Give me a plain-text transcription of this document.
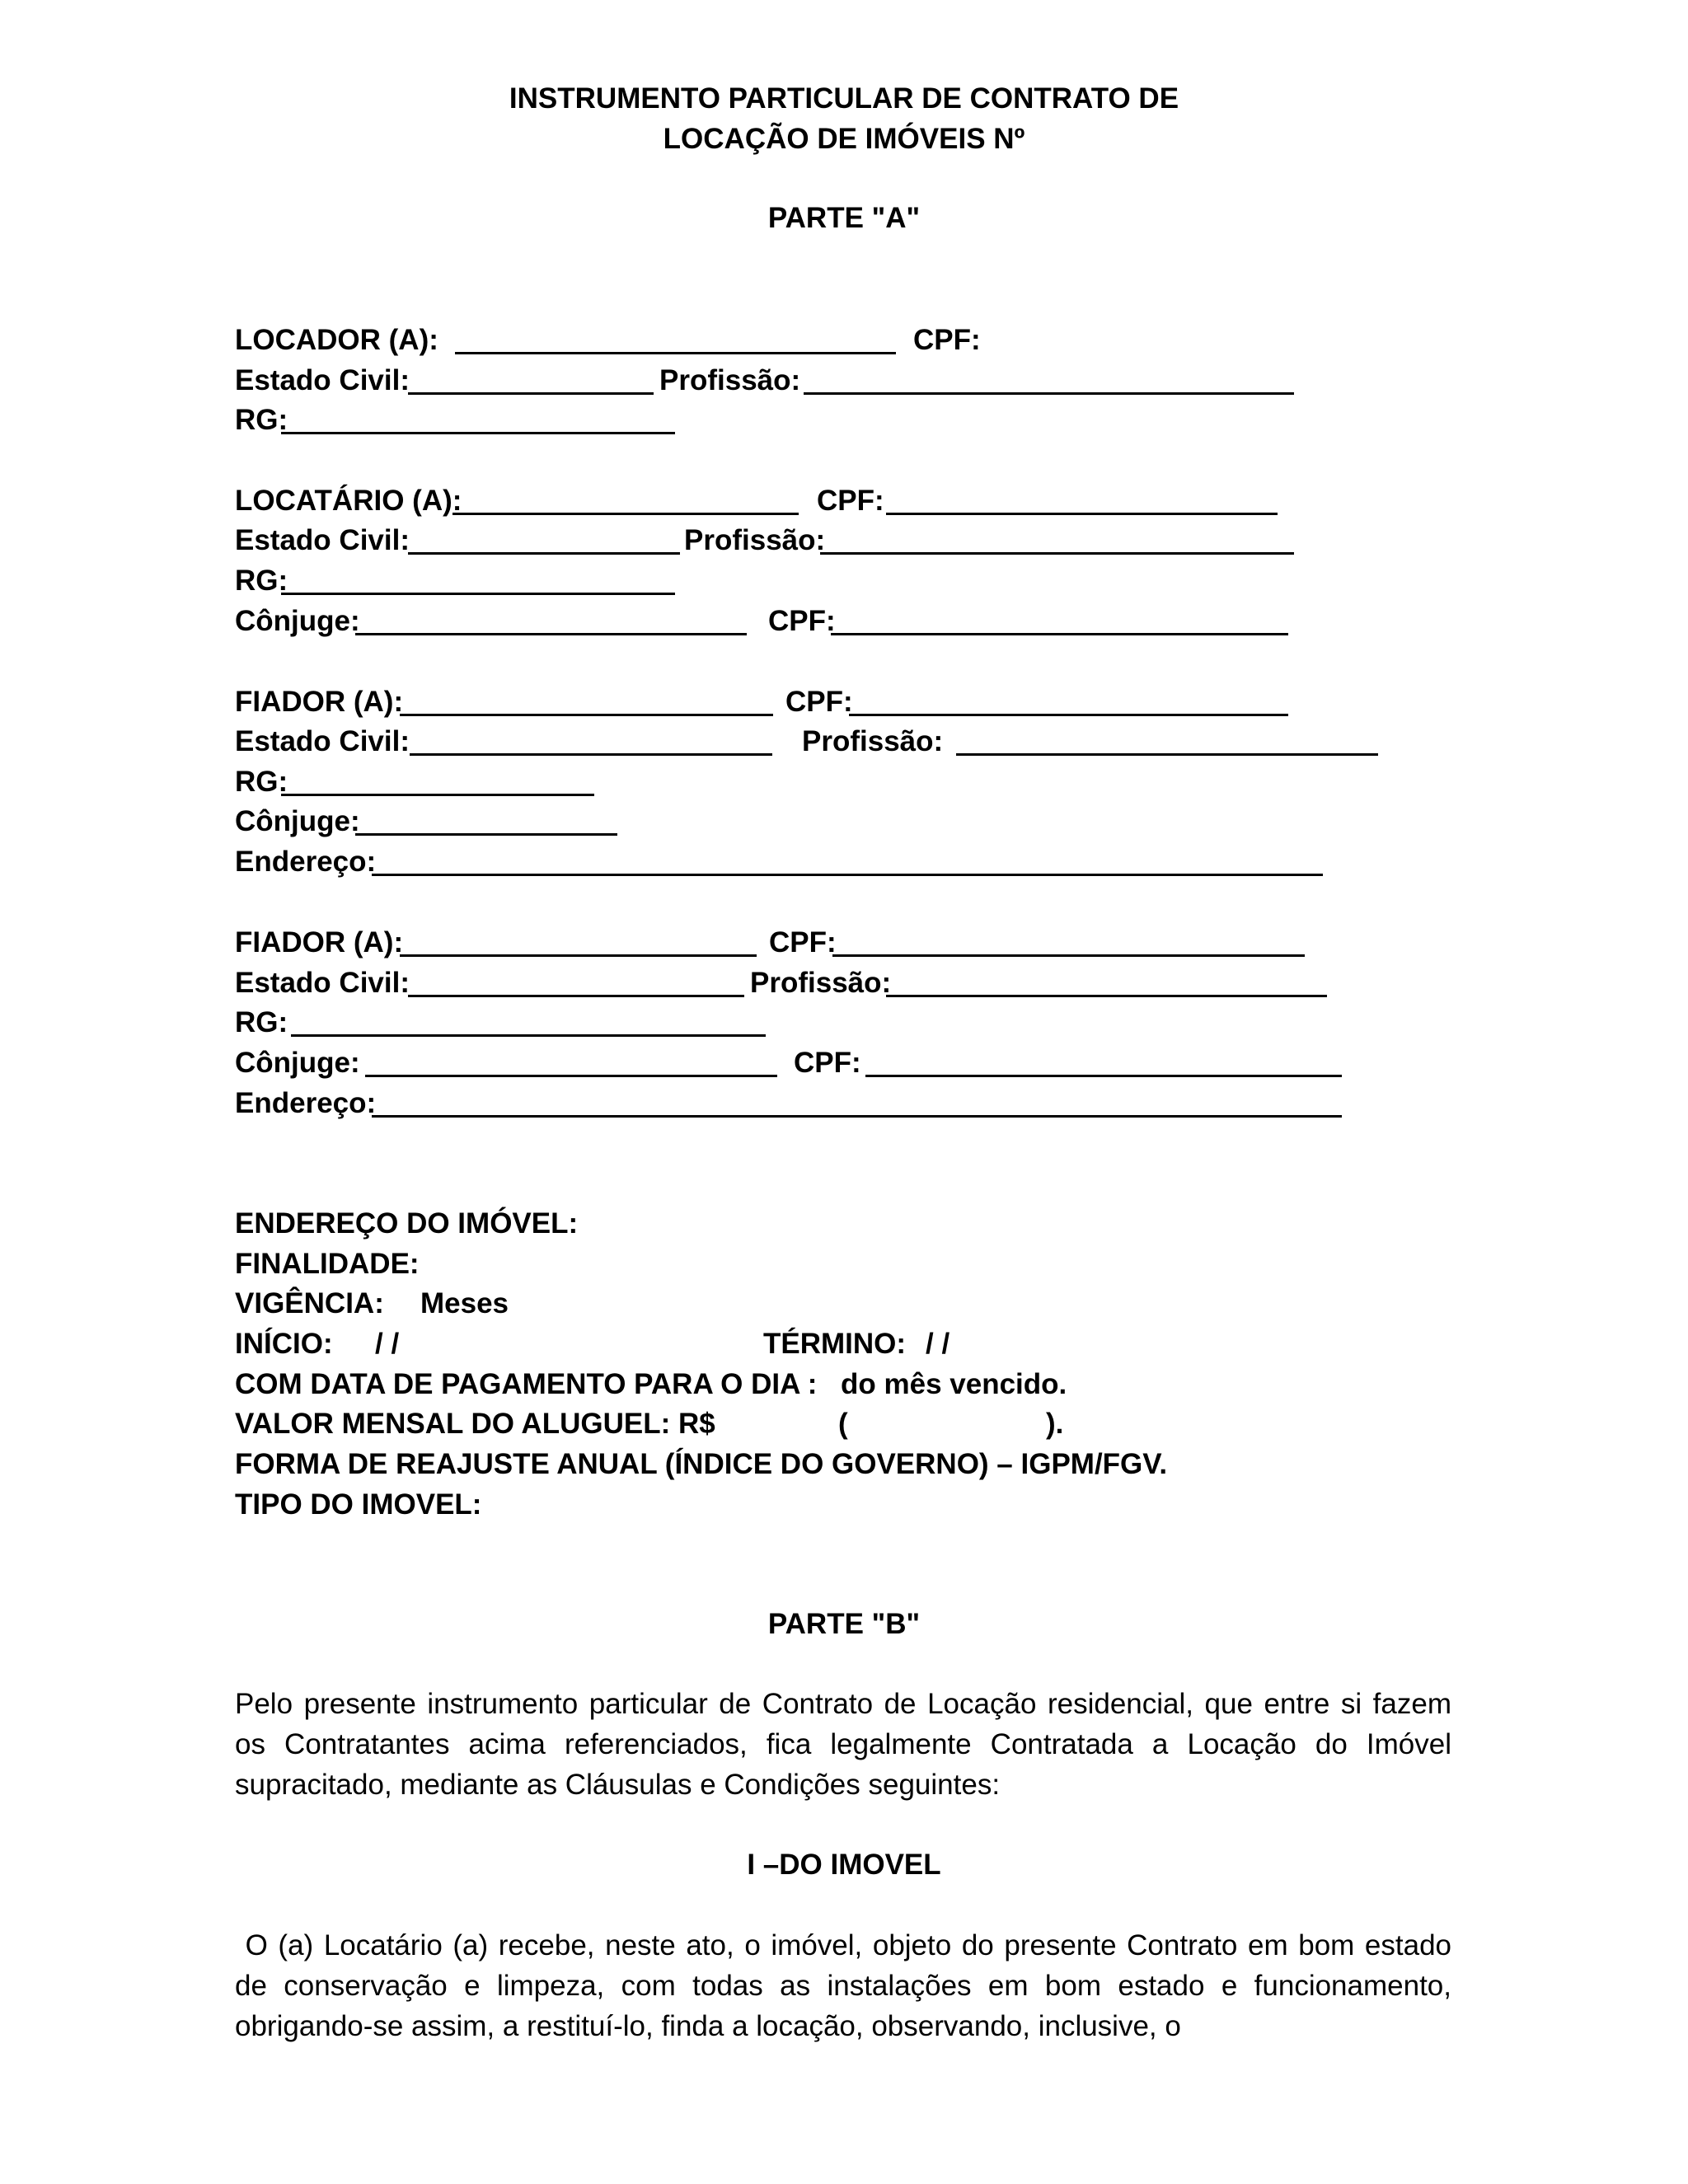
INSTRUMENTO PARTICULAR DE CONTRATO DE
LOCAÇÃO DE IMÓVEIS Nº
PARTE "A"
LOCADOR (A):	CPF:
Estado Civil:	Profissão:
RG:
LOCATÁRIO (A):	CPF:
Estado Civil:	Profissão:
RG:
Cônjuge:	CPF:
FIADOR (A):	CPF:
Estado Civil:	Profissão:
RG:
Cônjuge:
Endereço:
FIADOR (A):	CPF:
Estado Civil:	Profissão:
RG:
Cônjuge:	CPF:
Endereço:
ENDEREÇO DO IMÓVEL:
FINALIDADE:
VIGÊNCIA: Meses
INÍCIO: / /	TÉRMINO: / /
COM DATA DE PAGAMENTO PARA O DIA : do mês vencido.
VALOR MENSAL DO ALUGUEL: R$	(	).
FORMA DE REAJUSTE ANUAL (ÍNDICE DO GOVERNO) – IGPM/FGV.
TIPO DO IMOVEL:
PARTE "B"

Pelo presente instrumento particular de Contrato de Locação residencial, que entre si fazem os Contratantes acima referenciados, fica legalmente Contratada a Locação do Imóvel supracitado, mediante as Cláusulas e Condições seguintes:

I –DO IMOVEL

O (a) Locatário (a) recebe, neste ato, o imóvel, objeto do presente Contrato em bom estado de conservação e limpeza, com todas as instalações em bom estado e funcionamento, obrigando-se assim, a restituí-lo, finda a locação, observando, inclusive, o
